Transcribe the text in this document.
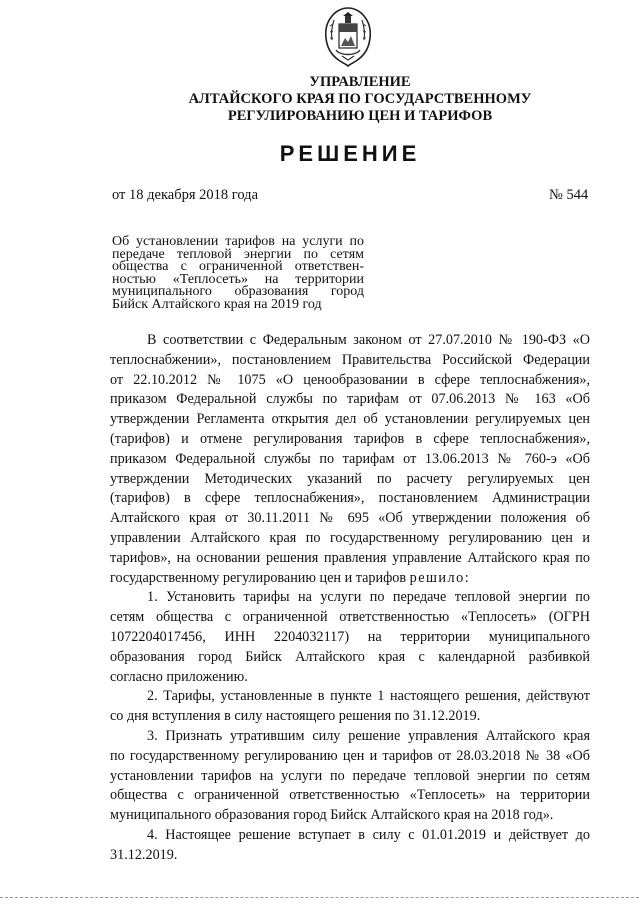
УПРАВЛЕНИЕ
АЛТАЙСКОГО КРАЯ ПО ГОСУДАРСТВЕННОМУ
РЕГУЛИРОВАНИЮ ЦЕН И ТАРИФОВ
РЕШЕНИЕ
от 18 декабря 2018 года	№ 544
Об установлении тарифов на услуги по
передаче тепловой энергии по сетям
общества с ограниченной ответствен-
ностью «Теплосеть» на территории
муниципального образования город
Бийск Алтайского края на 2019 год
В соответствии с Федеральным законом от 27.07.2010 № 190-ФЗ «О
теплоснабжении», постановлением Правительства Российской Федерации
от 22.10.2012 № 1075 «О ценообразовании в сфере теплоснабжения»,
приказом Федеральной службы по тарифам от 07.06.2013 № 163 «Об
утверждении Регламента открытия дел об установлении регулируемых цен
(тарифов) и отмене регулирования тарифов в сфере теплоснабжения»,
приказом Федеральной службы по тарифам от 13.06.2013 № 760-э «Об
утверждении Методических указаний по расчету регулируемых цен
(тарифов) в сфере теплоснабжения», постановлением Администрации
Алтайского края от 30.11.2011 № 695 «Об утверждении положения об
управлении Алтайского края по государственному регулированию цен и
тарифов», на основании решения правления управление Алтайского края по
государственному регулированию цен и тарифов решило:
1. Установить тарифы на услуги по передаче тепловой энергии по
сетям общества с ограниченной ответственностью «Теплосеть» (ОГРН
1072204017456, ИНН 2204032117) на территории муниципального
образования город Бийск Алтайского края с календарной разбивкой
согласно приложению.
2. Тарифы, установленные в пункте 1 настоящего решения, действуют
со дня вступления в силу настоящего решения по 31.12.2019.
3. Признать утратившим силу решение управления Алтайского края
по государственному регулированию цен и тарифов от 28.03.2018 № 38 «Об
установлении тарифов на услуги по передаче тепловой энергии по сетям
общества с ограниченной ответственностью «Теплосеть» на территории
муниципального образования город Бийск Алтайского края на 2018 год».
4. Настоящее решение вступает в силу с 01.01.2019 и действует до
31.12.2019.
